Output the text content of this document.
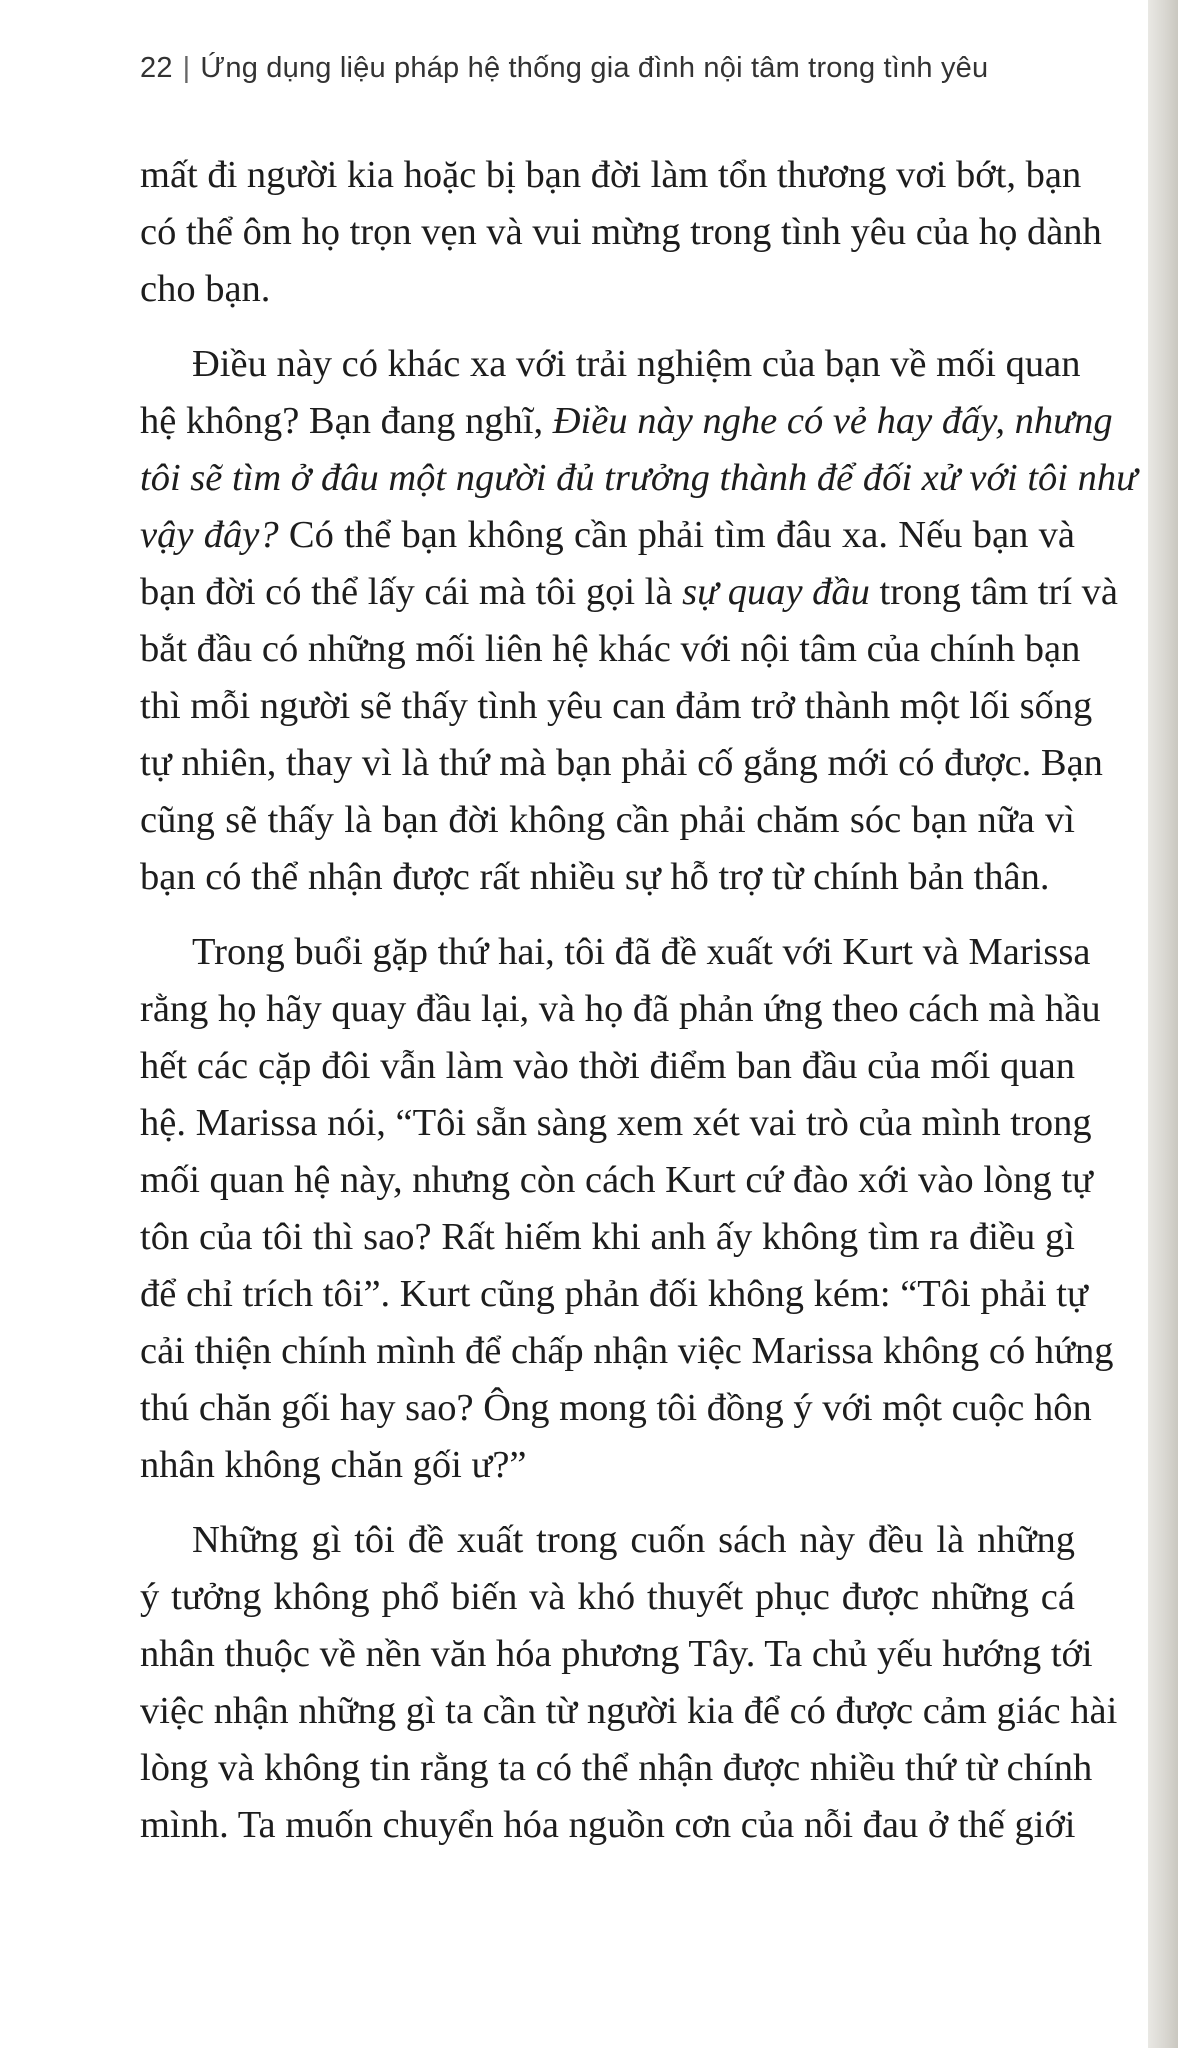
22 | Ứng dụng liệu pháp hệ thống gia đình nội tâm trong tình yêu
mất đi người kia hoặc bị bạn đời làm tổn thương vơi bớt, bạn
có thể ôm họ trọn vẹn và vui mừng trong tình yêu của họ dành
cho bạn.
Điều này có khác xa với trải nghiệm của bạn về mối quan
hệ không? Bạn đang nghĩ, Điều này nghe có vẻ hay đấy, nhưng
tôi sẽ tìm ở đâu một người đủ trưởng thành để đối xử với tôi như
vậy đây? Có thể bạn không cần phải tìm đâu xa. Nếu bạn và
bạn đời có thể lấy cái mà tôi gọi là sự quay đầu trong tâm trí và
bắt đầu có những mối liên hệ khác với nội tâm của chính bạn
thì mỗi người sẽ thấy tình yêu can đảm trở thành một lối sống
tự nhiên, thay vì là thứ mà bạn phải cố gắng mới có được. Bạn
cũng sẽ thấy là bạn đời không cần phải chăm sóc bạn nữa vì
bạn có thể nhận được rất nhiều sự hỗ trợ từ chính bản thân.
Trong buổi gặp thứ hai, tôi đã đề xuất với Kurt và Marissa
rằng họ hãy quay đầu lại, và họ đã phản ứng theo cách mà hầu
hết các cặp đôi vẫn làm vào thời điểm ban đầu của mối quan
hệ. Marissa nói, “Tôi sẵn sàng xem xét vai trò của mình trong
mối quan hệ này, nhưng còn cách Kurt cứ đào xới vào lòng tự
tôn của tôi thì sao? Rất hiếm khi anh ấy không tìm ra điều gì
để chỉ trích tôi”. Kurt cũng phản đối không kém: “Tôi phải tự
cải thiện chính mình để chấp nhận việc Marissa không có hứng
thú chăn gối hay sao? Ông mong tôi đồng ý với một cuộc hôn
nhân không chăn gối ư?”
Những gì tôi đề xuất trong cuốn sách này đều là những
ý tưởng không phổ biến và khó thuyết phục được những cá
nhân thuộc về nền văn hóa phương Tây. Ta chủ yếu hướng tới
việc nhận những gì ta cần từ người kia để có được cảm giác hài
lòng và không tin rằng ta có thể nhận được nhiều thứ từ chính
mình. Ta muốn chuyển hóa nguồn cơn của nỗi đau ở thế giới
